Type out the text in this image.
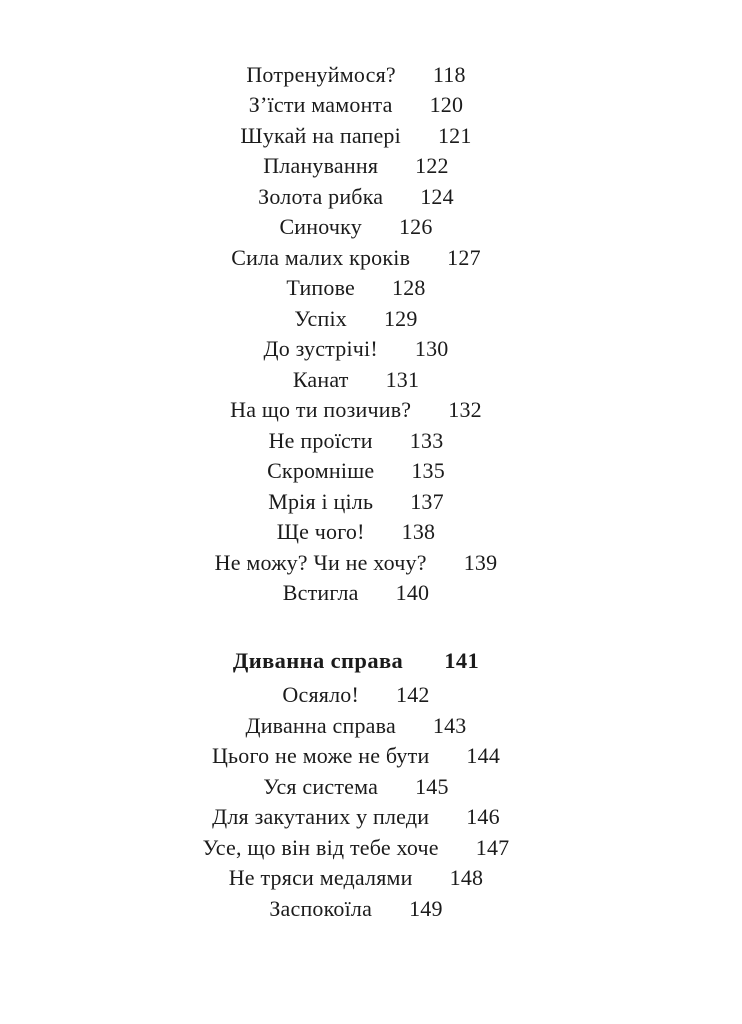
Потренуймося? 118
З’їсти мамонта 120
Шукай на папері 121
Планування 122
Золота рибка 124
Синочку 126
Сила малих кроків 127
Типове 128
Успіх 129
До зустрічі! 130
Канат 131
На що ти позичив? 132
Не проїсти 133
Скромніше 135
Мрія і ціль 137
Ще чого! 138
Не можу? Чи не хочу? 139
Встигла 140
Диванна справа 141
Осяяло! 142
Диванна справа 143
Цього не може не бути 144
Уся система 145
Для закутаних у пледи 146
Усе, що він від тебе хоче 147
Не тряси медалями 148
Заспокоїла 149
